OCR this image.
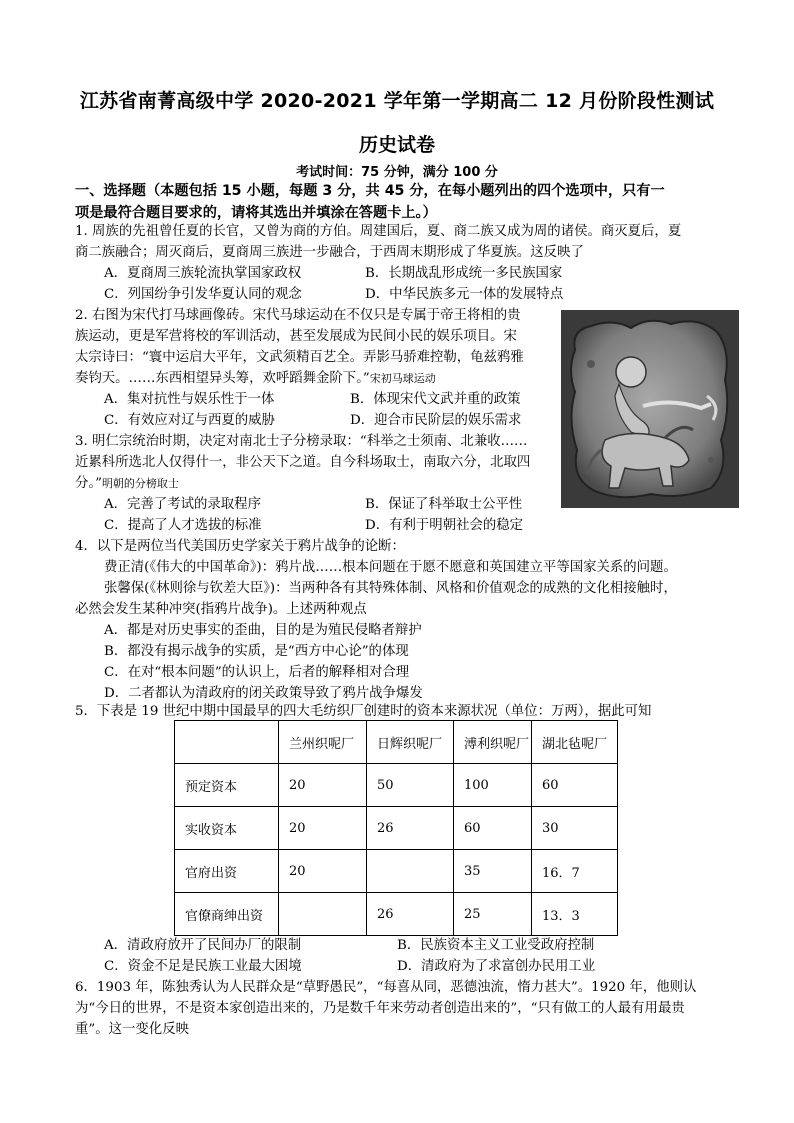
江苏省南菁高级中学 2020-2021 学年第一学期高二 12 月份阶段性测试
历史试卷
考试时间：75 分钟，满分 100 分
一、选择题（本题包括 15 小题，每题 3 分，共 45 分，在每小题列出的四个选项中，只有一
项是最符合题目要求的，请将其选出并填涂在答题卡上。）
1. 周族的先祖曾任夏的长官，又曾为商的方伯。周建国后，夏、商二族又成为周的诸侯。商灭夏后，夏
商二族融合；周灭商后，夏商周三族进一步融合，于西周末期形成了华夏族。这反映了
A．夏商周三族轮流执掌国家政权	B．长期战乱形成统一多民族国家
C．列国纷争引发华夏认同的观念	D．中华民族多元一体的发展特点
2. 右图为宋代打马球画像砖。宋代马球运动在不仅只是专属于帝王将相的贵
族运动，更是军营将校的军训活动，甚至发展成为民间小民的娱乐项目。宋
太宗诗曰：“寰中运启大平年，文武须精百艺全。弄影马骄难控勒，龟兹鸦雅
奏钧天。……东西相望异头筹，欢呼蹈舞金阶下。”宋初马球运动
A．集对抗性与娱乐性于一体	B．体现宋代文武并重的政策
C．有效应对辽与西夏的威胁	D．迎合市民阶层的娱乐需求
3. 明仁宗统治时期，决定对南北士子分榜录取：“科举之士须南、北兼收……
近累科所选北人仅得什一，非公天下之道。自今科场取士，南取六分，北取四
分。”明朝的分榜取士
A．完善了考试的录取程序	B．保证了科举取士公平性
C．提高了人才选拔的标准	D．有利于明朝社会的稳定
4．以下是两位当代美国历史学家关于鸦片战争的论断：
费正清(《伟大的中国革命》)：鸦片战……根本问题在于愿不愿意和英国建立平等国家关系的问题。
张馨保(《林则徐与钦差大臣》)：当两种各有其特殊体制、风格和价值观念的成熟的文化相接触时，
必然会发生某种冲突(指鸦片战争)。上述两种观点
A．都是对历史事实的歪曲，目的是为殖民侵略者辩护
B．都没有揭示战争的实质，是“西方中心论”的体现
C．在对“根本问题”的认识上，后者的解释相对合理
D．二者都认为清政府的闭关政策导致了鸦片战争爆发
5．下表是 19 世纪中期中国最早的四大毛纺织厂创建时的资本来源状况（单位：万两），据此可知
	兰州织呢厂	日辉织呢厂	溥利织呢厂	湖北毡呢厂
预定资本	20	50	100	60
实收资本	20	26	60	30
官府出资	20		35	16．7
官僚商绅出资		26	25	13．3
A．清政府放开了民间办厂的限制	B．民族资本主义工业受政府控制
C．资金不足是民族工业最大困境	D．清政府为了求富创办民用工业
6．1903 年，陈独秀认为人民群众是“草野愚民”，“每喜从同，恶德浊流，惰力甚大”。1920 年，他则认
为“今日的世界，不是资本家创造出来的，乃是数千年来劳动者创造出来的”，“只有做工的人最有用最贵
重”。这一变化反映
